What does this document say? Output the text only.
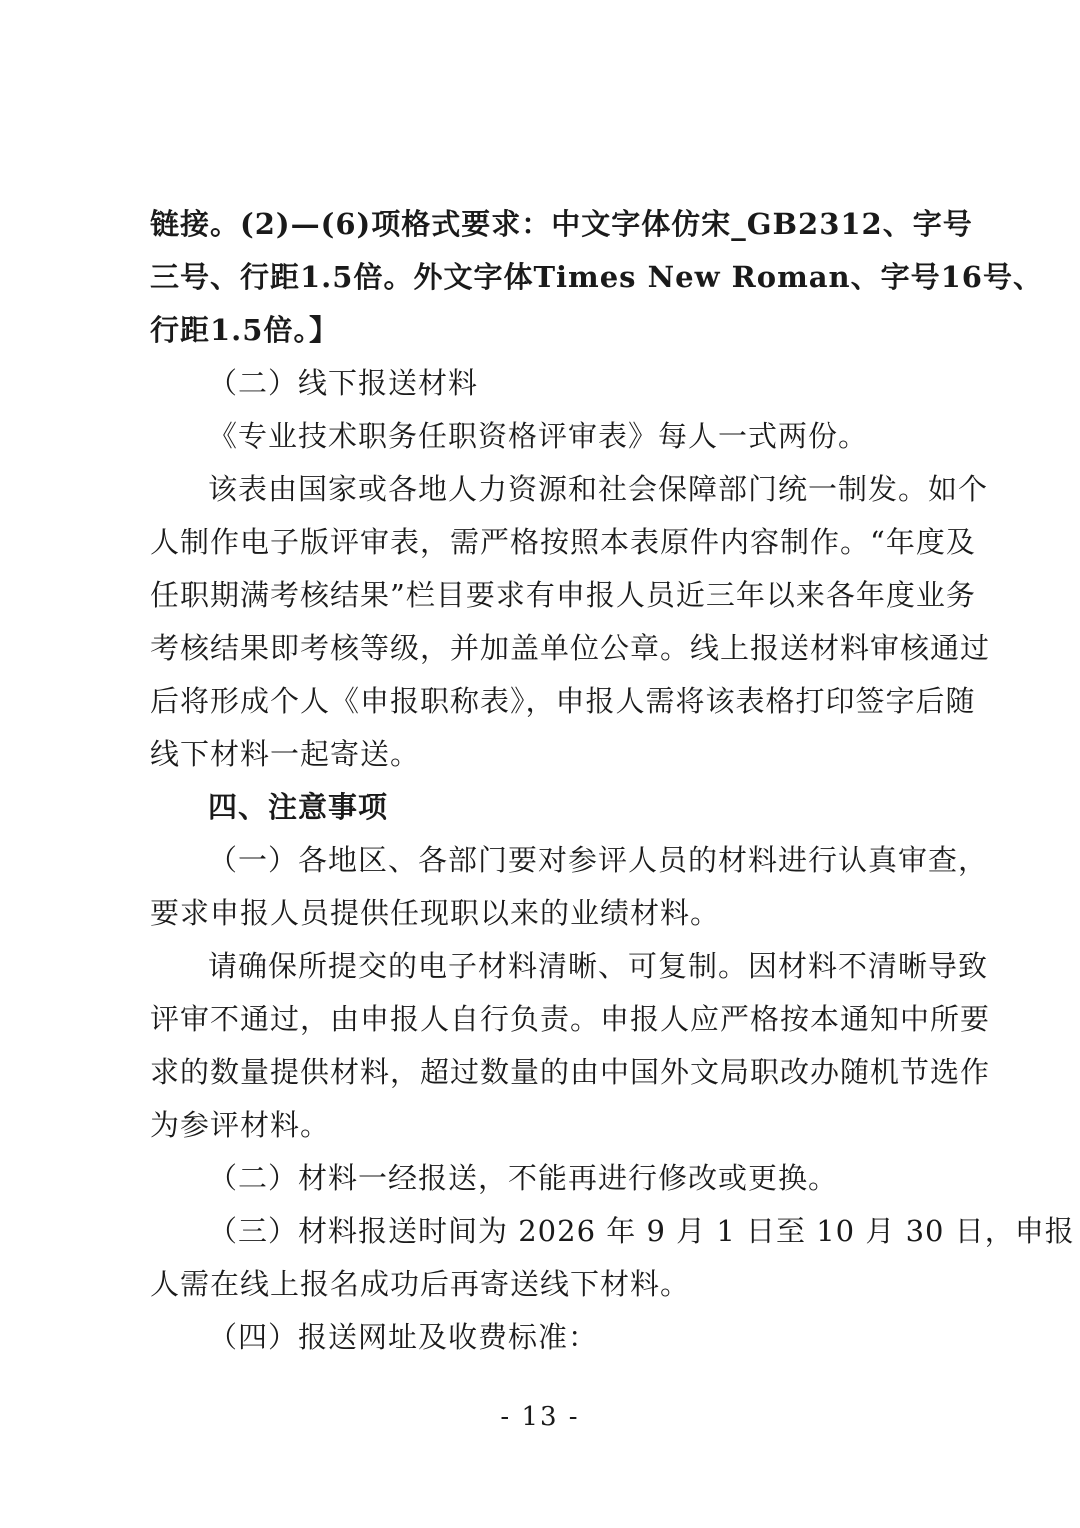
链接。(2)—(6)项格式要求：中文字体仿宋_GB2312、字号
三号、行距1.5倍。外文字体Times New Roman、字号16号、
行距1.5倍。】
（二）线下报送材料
《专业技术职务任职资格评审表》每人一式两份。
该表由国家或各地人力资源和社会保障部门统一制发。如个
人制作电子版评审表，需严格按照本表原件内容制作。“年度及
任职期满考核结果”栏目要求有申报人员近三年以来各年度业务
考核结果即考核等级，并加盖单位公章。线上报送材料审核通过
后将形成个人《申报职称表》，申报人需将该表格打印签字后随
线下材料一起寄送。
四、注意事项
（一）各地区、各部门要对参评人员的材料进行认真审查，
要求申报人员提供任现职以来的业绩材料。
请确保所提交的电子材料清晰、可复制。因材料不清晰导致
评审不通过，由申报人自行负责。申报人应严格按本通知中所要
求的数量提供材料，超过数量的由中国外文局职改办随机节选作
为参评材料。
（二）材料一经报送，不能再进行修改或更换。
（三）材料报送时间为 2026 年 9 月 1 日至 10 月 30 日，申报
人需在线上报名成功后再寄送线下材料。
（四）报送网址及收费标准：
- 13 -
